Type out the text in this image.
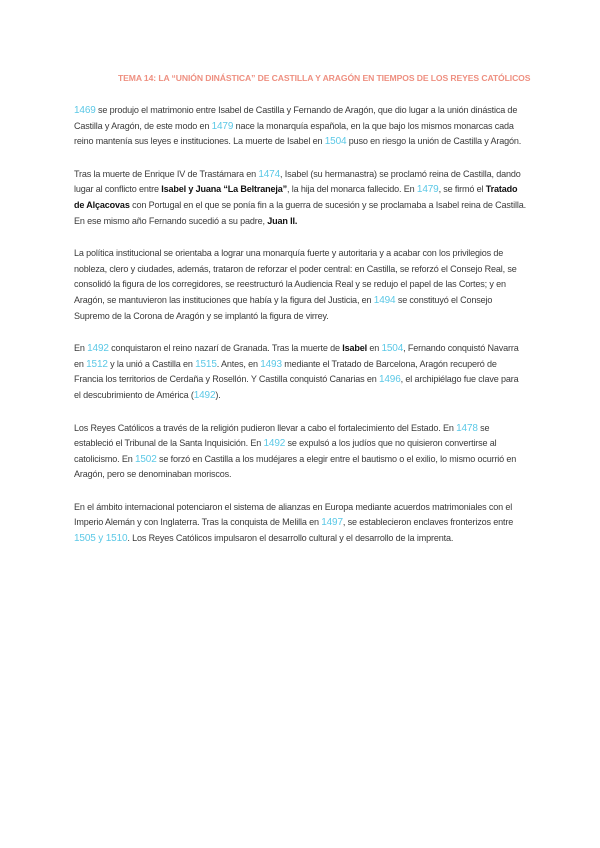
TEMA 14: LA “UNIÓN DINÁSTICA” DE CASTILLA Y ARAGÓN EN TIEMPOS DE LOS REYES CATÓLICOS

1469 se produjo el matrimonio entre Isabel de Castilla y Fernando de Aragón, que dio lugar a la unión dinástica de Castilla y Aragón, de este modo en 1479 nace la monarquía española, en la que bajo los mismos monarcas cada reino mantenía sus leyes e instituciones. La muerte de Isabel en 1504 puso en riesgo la unión de Castilla y Aragón.

Tras la muerte de Enrique IV de Trastámara en 1474, Isabel (su hermanastra) se proclamó reina de Castilla, dando lugar al conflicto entre Isabel y Juana “La Beltraneja”, la hija del monarca fallecido. En 1479, se firmó el Tratado de Alçacovas con Portugal en el que se ponía fin a la guerra de sucesión y se proclamaba a Isabel reina de Castilla. En ese mismo año Fernando sucedió a su padre, Juan II.

La política institucional se orientaba a lograr una monarquía fuerte y autoritaria y a acabar con los privilegios de nobleza, clero y ciudades, además, trataron de reforzar el poder central: en Castilla, se reforzó el Consejo Real, se consolidó la figura de los corregidores, se reestructuró la Audiencia Real y se redujo el papel de las Cortes; y en Aragón, se mantuvieron las instituciones que había y la figura del Justicia, en 1494 se constituyó el Consejo Supremo de la Corona de Aragón y se implantó la figura de virrey.

En 1492 conquistaron el reino nazarí de Granada. Tras la muerte de Isabel en 1504, Fernando conquistó Navarra en 1512 y la unió a Castilla en 1515. Antes, en 1493 mediante el Tratado de Barcelona, Aragón recuperó de Francia los territorios de Cerdaña y Rosellón. Y Castilla conquistó Canarias en 1496, el archipiélago fue clave para el descubrimiento de América (1492).

Los Reyes Católicos a través de la religión pudieron llevar a cabo el fortalecimiento del Estado. En 1478 se estableció el Tribunal de la Santa Inquisición. En 1492 se expulsó a los judíos que no quisieron convertirse al catolicismo. En 1502 se forzó en Castilla a los mudéjares a elegir entre el bautismo o el exilio, lo mismo ocurrió en Aragón, pero se denominaban moriscos.

En el ámbito internacional potenciaron el sistema de alianzas en Europa mediante acuerdos matrimoniales con el Imperio Alemán y con Inglaterra. Tras la conquista de Melilla en 1497, se establecieron enclaves fronterizos entre 1505 y 1510. Los Reyes Católicos impulsaron el desarrollo cultural y el desarrollo de la imprenta.
